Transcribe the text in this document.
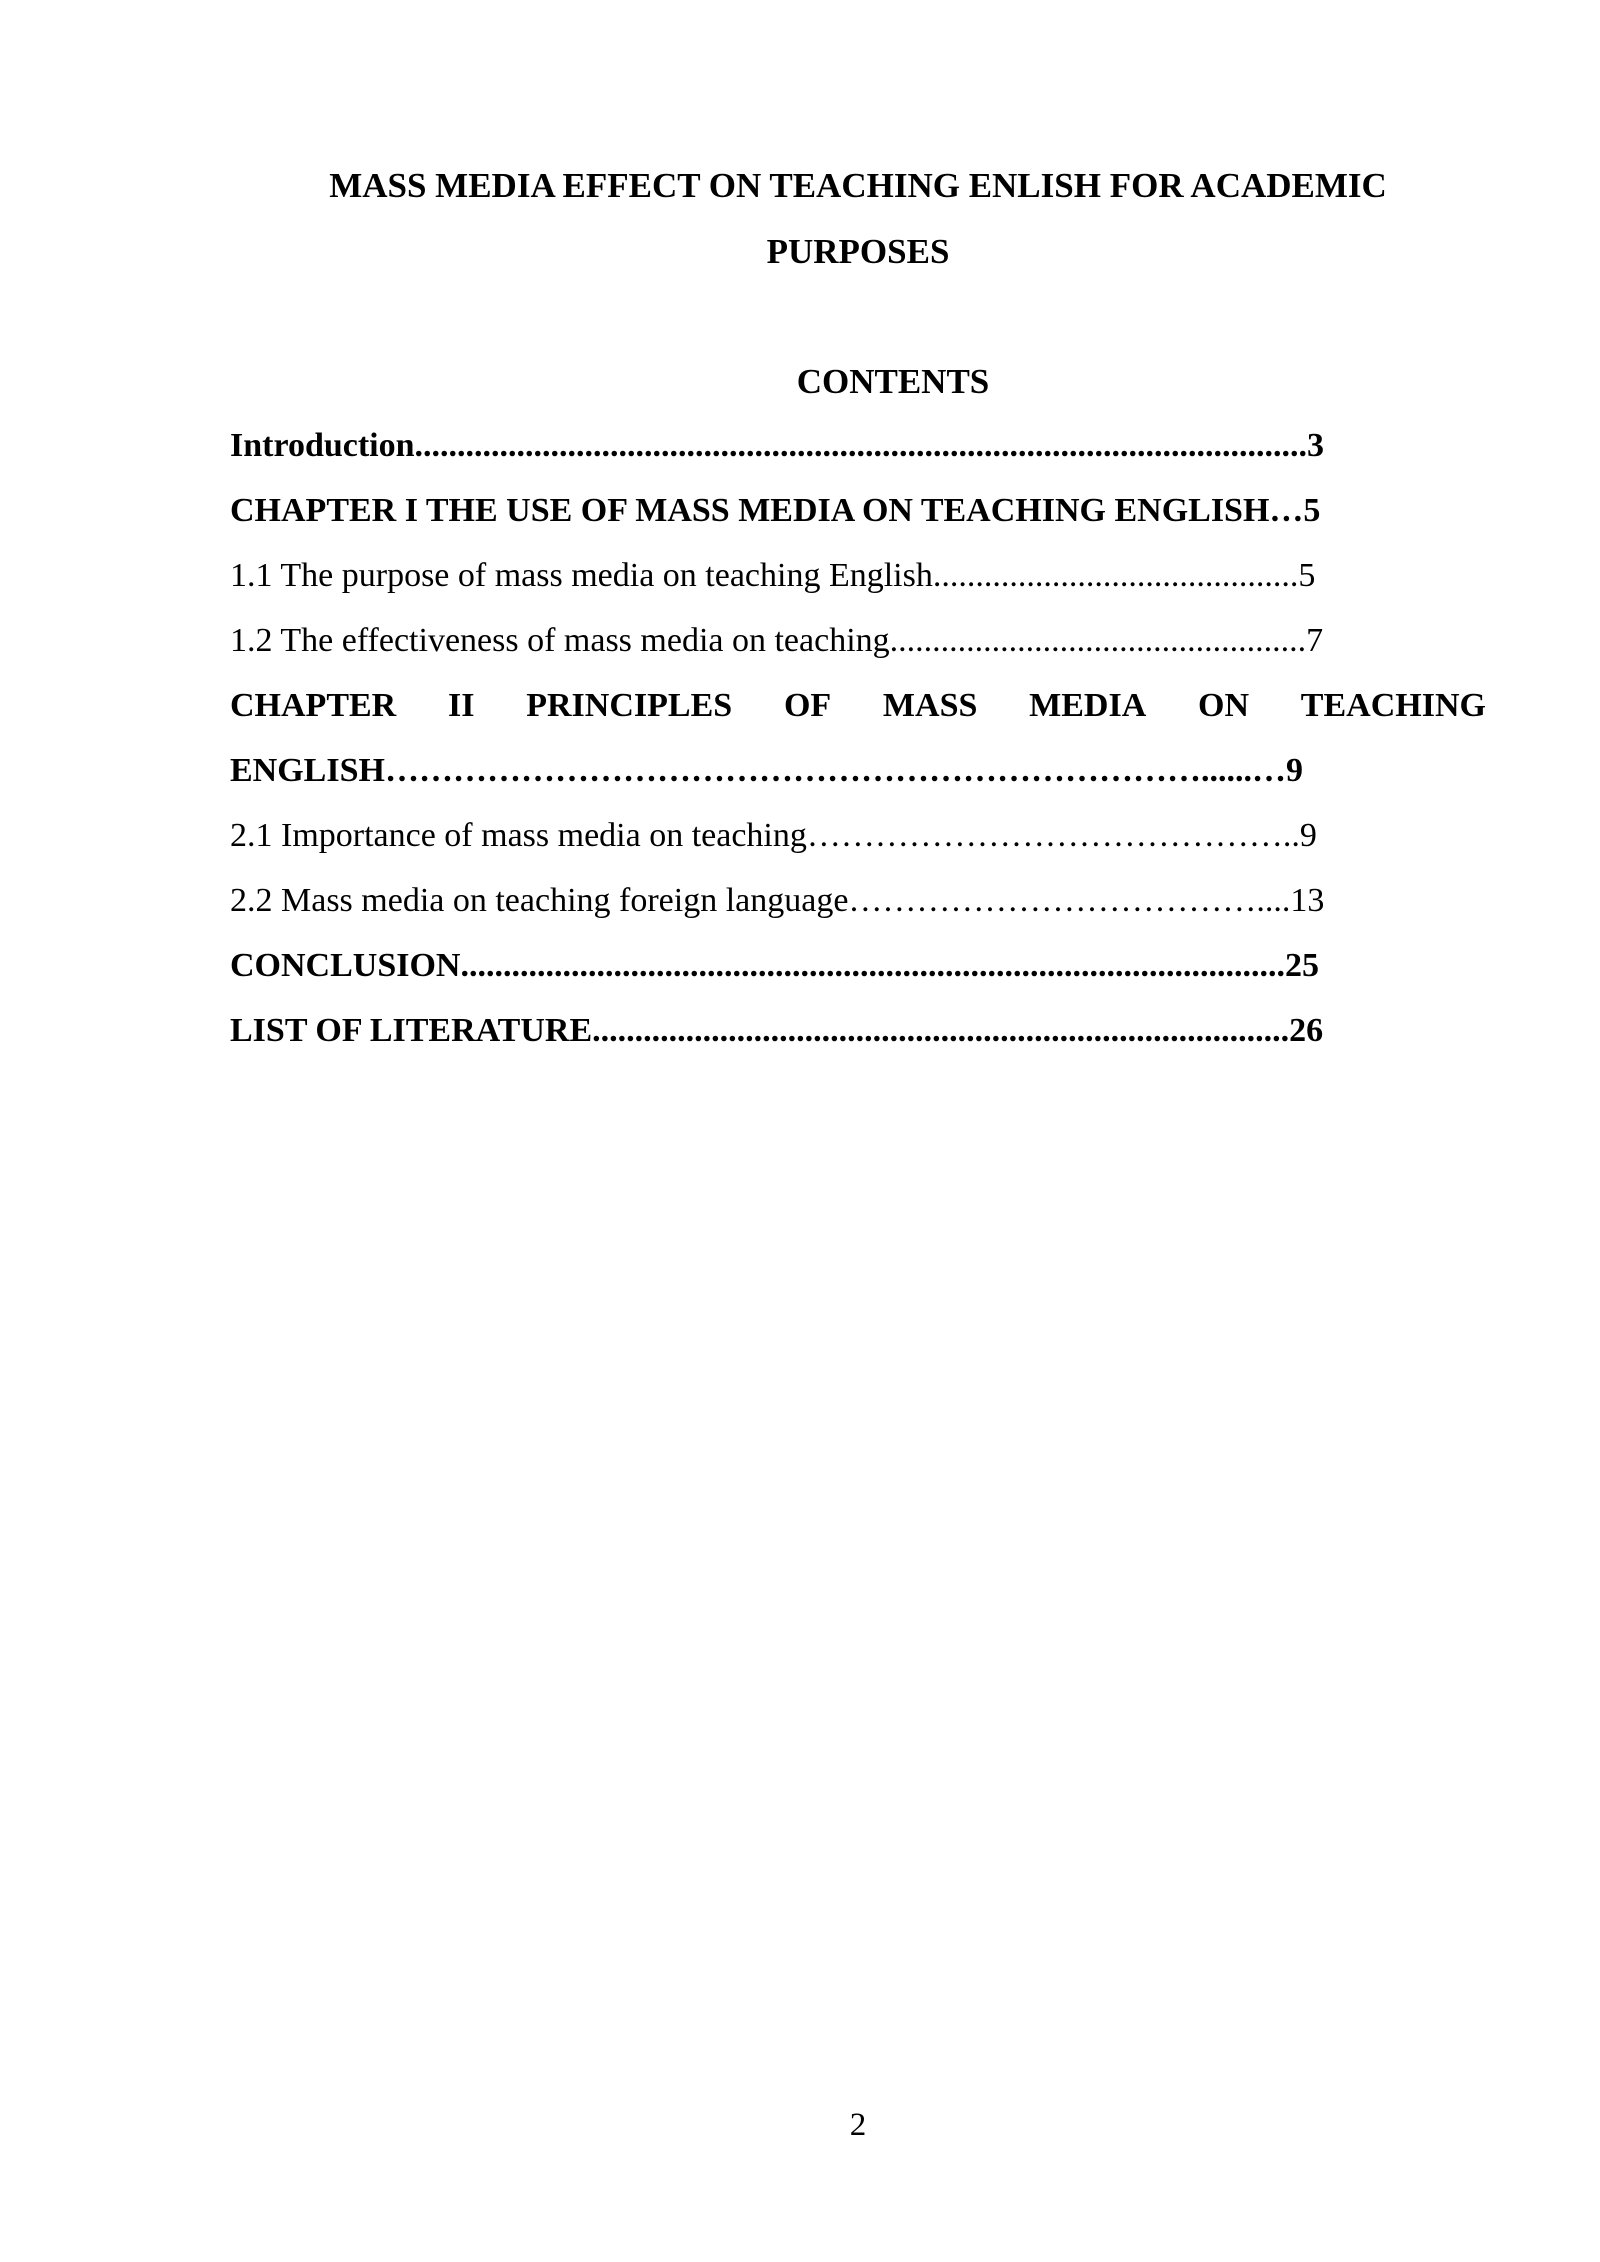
MASS MEDIA EFFECT ON TEACHING ENLISH FOR ACADEMIC
PURPOSES
CONTENTS
Introduction.........................................................................................................3
CHAPTER I THE USE OF MASS MEDIA ON TEACHING ENGLISH…5
1.1 The purpose of mass media on teaching English...........................................5
1.2 The effectiveness of mass media on teaching.................................................7
CHAPTER II PRINCIPLES OF MASS MEDIA ON TEACHING
ENGLISH………………………………………………………………......…9
2.1 Importance of mass media on teaching……………………………………..9
2.2 Mass media on teaching foreign language………………………………....13
CONCLUSION.................................................................................................25
LIST OF LITERATURE..................................................................................26
2
